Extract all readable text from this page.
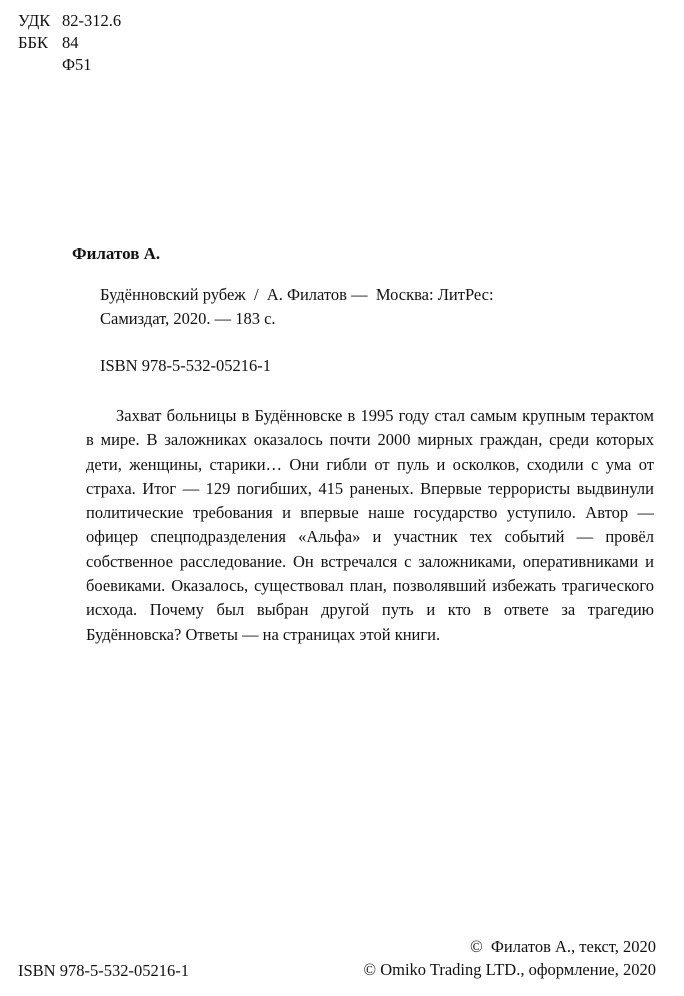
УДК 82-312.6
ББК 84
Ф51
Филатов А.
Будённовский рубеж  /  А. Филатов —  Москва: ЛитРес:
Самиздат, 2020. — 183 с.
ISBN 978-5-532-05216-1

Захват больницы в Будённовске в 1995 году стал самым крупным терактом в мире. В заложниках оказалось почти 2000 мирных граждан, среди которых дети, женщины, старики… Они гибли от пуль и осколков, сходили с ума от страха. Итог — 129 погибших, 415 раненых. Впервые террористы выдвинули политические требования и впервые наше государство уступило. Автор — офицер спецподразделения «Альфа» и участник тех событий — провёл собственное расследование. Он встречался с заложниками, оперативниками и боевиками. Оказалось, существовал план, позволявший избежать трагического исхода. Почему был выбран другой путь и кто в ответе за трагедию Будённовска? Ответы — на страницах этой книги.

ISBN 978-5-532-05216-1
©  Филатов А., текст, 2020
© Omiko Trading LTD., оформление, 2020
